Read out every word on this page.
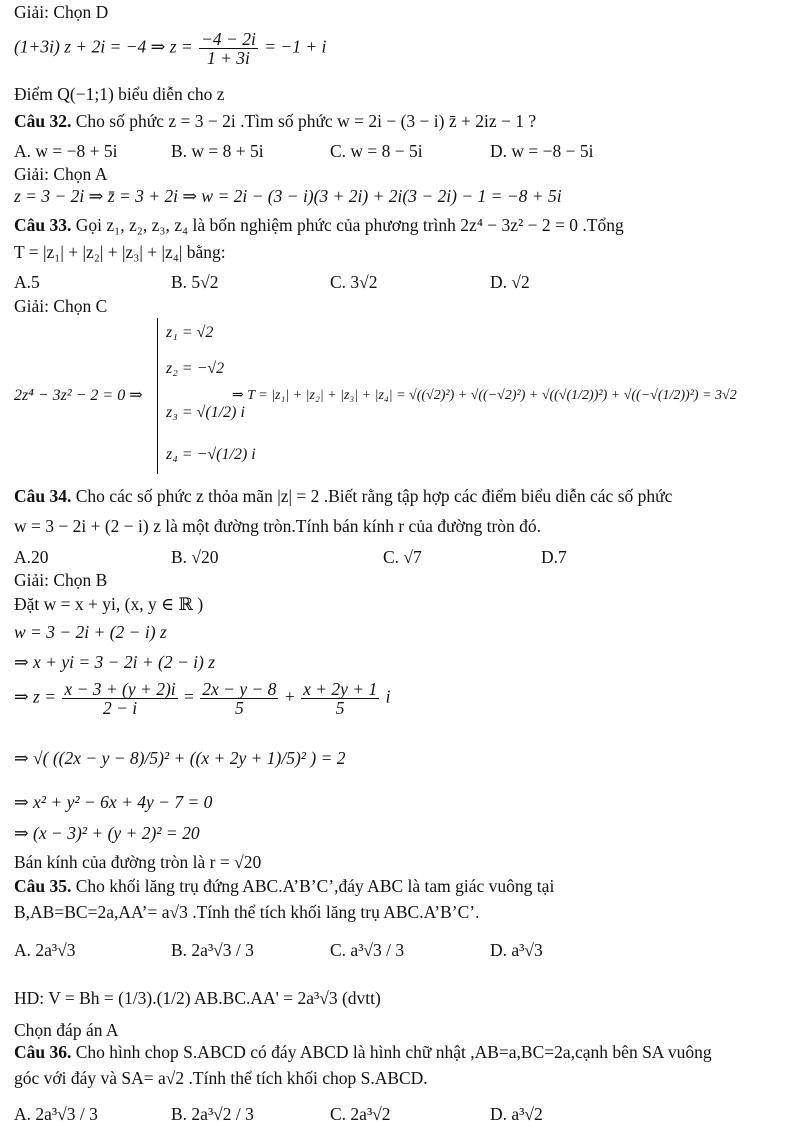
Giải: Chọn D
(1+3i) z + 2i = −4 ⇒ $z = \frac{-4 - 2i}{1 + 3i} = -1 + i$
Điểm Q(−1;1) biểu diễn cho z
Câu 32. Cho số phức z = 3 − 2i .Tìm số phức w = 2i − (3 − i) z̄ + 2iz − 1 ?
A. w = −8 + 5i	B. w = 8 + 5i	C. w = 8 − 5i	D. w = −8 − 5i
Giải: Chọn A
z = 3 − 2i ⇒ z̄ = 3 + 2i ⇒ w = 2i − (3 − i)(3 + 2i) + 2i(3 − 2i) − 1 = −8 + 5i
Câu 33. Gọi z₁, z₂, z₃, z₄ là bốn nghiệm phức của phương trình 2z⁴ − 3z² − 2 = 0 .Tổng
T = |z₁| + |z₂| + |z₃| + |z₄| bằng:
A.5	B. 5√2	C. 3√2	D. √2
Giải: Chọn C
2z⁴ − 3z² − 2 = 0 ⇒
z₁ = √2
z₂ = −√2
z₃ = √(1/2) i
z₄ = −√(1/2) i
⇒ T = |z₁| + |z₂| + |z₃| + |z₄| = √((√2)²) + √((−√2)²) + √((√(1/2))²) + √((−√(1/2))²) = 3√2
Câu 34. Cho các số phức z thỏa mãn |z| = 2 .Biết rằng tập hợp các điểm biểu diễn các số phức
w = 3 − 2i + (2 − i) z là một đường tròn.Tính bán kính r của đường tròn đó.
A.20	B. √20	C. √7	D.7
Giải: Chọn B
Đặt w = x + yi, (x, y ∈ ℝ )
w = 3 − 2i + (2 − i) z
⇒ x + yi = 3 − 2i + (2 − i) z
⇒ $z = \frac{x - 3 + (y + 2)i}{2 - i} = \frac{2x - y - 8}{5} + \frac{x + 2y + 1}{5}$ i
⇒ √( ((2x − y − 8)/5)² + ((x + 2y + 1)/5)² ) = 2
⇒ x² + y² − 6x + 4y − 7 = 0
⇒ (x − 3)² + (y + 2)² = 20
Bán kính của đường tròn là r = √20
Câu 35. Cho khối lăng trụ đứng ABC.A’B’C’,đáy ABC là tam giác vuông tại
B,AB=BC=2a,AA’= a√3 .Tính thể tích khối lăng trụ ABC.A’B’C’.
A. 2a³√3	B. 2a³√3 / 3	C. a³√3 / 3	D. a³√3
HD: V = Bh = (1/3).(1/2) AB.BC.AA' = 2a³√3 (dvtt)
Chọn đáp án A
Câu 36. Cho hình chop S.ABCD có đáy ABCD là hình chữ nhật ,AB=a,BC=2a,cạnh bên SA vuông
góc với đáy và SA= a√2 .Tính thể tích khối chop S.ABCD.
A. 2a³√3 / 3	B. 2a³√2 / 3	C. 2a³√2	D. a³√2
